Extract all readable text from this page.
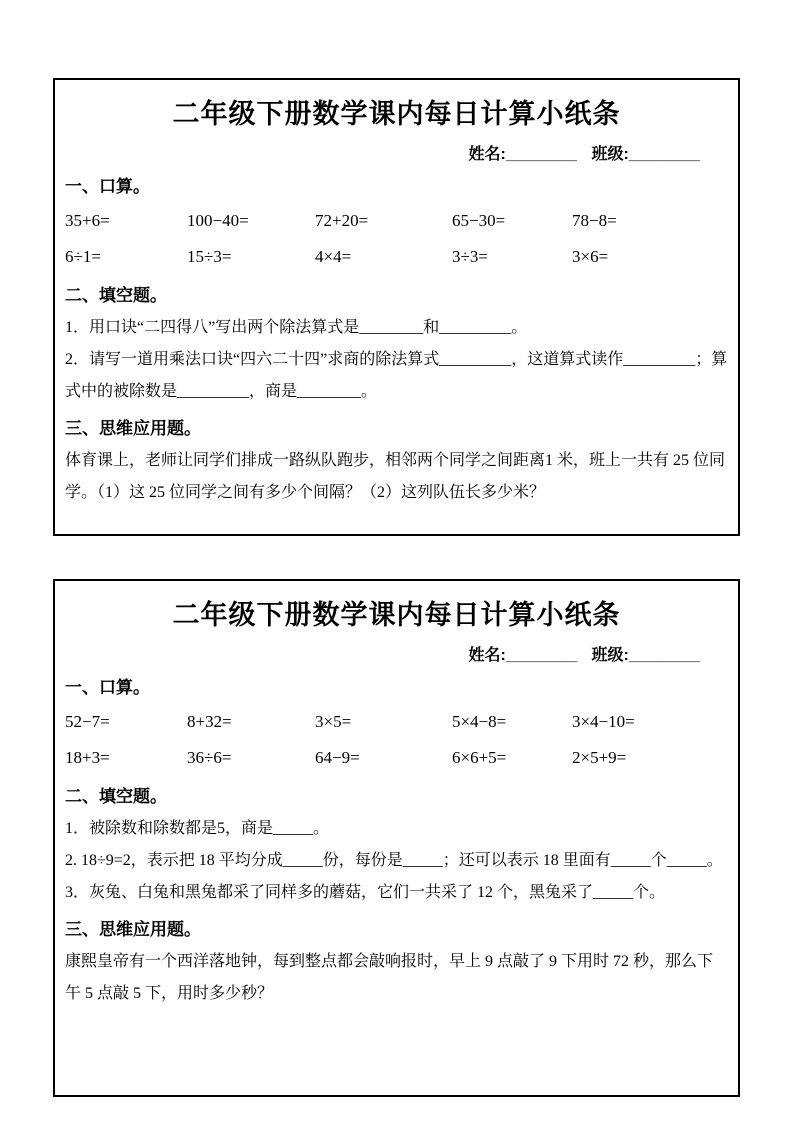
二年级下册数学课内每日计算小纸条
姓名:________ 班级:________
一、口算。
35+6=	100−40=	72+20=	65−30=	78−8=
6÷1=	15÷3=	4×4=	3÷3=	3×6=
二、填空题。

1．用口诀“二四得八”写出两个除法算式是________和_________。

2．请写一道用乘法口诀“四六二十四”求商的除法算式_________，这道算式读作_________；算式中的被除数是_________，商是________。

三、思维应用题。

体育课上，老师让同学们排成一路纵队跑步，相邻两个同学之间距离1 米，班上一共有 25 位同学。（1）这 25 位同学之间有多少个间隔？（2）这列队伍长多少米？

二年级下册数学课内每日计算小纸条
姓名:________ 班级:________
一、口算。
52−7=	8+32=	3×5=	5×4−8=	3×4−10=
18+3=	36÷6=	64−9=	6×6+5=	2×5+9=
二、填空题。

1．被除数和除数都是5，商是_____。

2. 18÷9=2，表示把 18 平均分成_____份，每份是_____；还可以表示 18 里面有_____个_____。

3．灰兔、白兔和黑兔都采了同样多的蘑菇，它们一共采了 12 个，黑兔采了_____个。

三、思维应用题。

康熙皇帝有一个西洋落地钟，每到整点都会敲响报时，早上 9 点敲了 9 下用时 72 秒，那么下午 5 点敲 5 下，用时多少秒？
